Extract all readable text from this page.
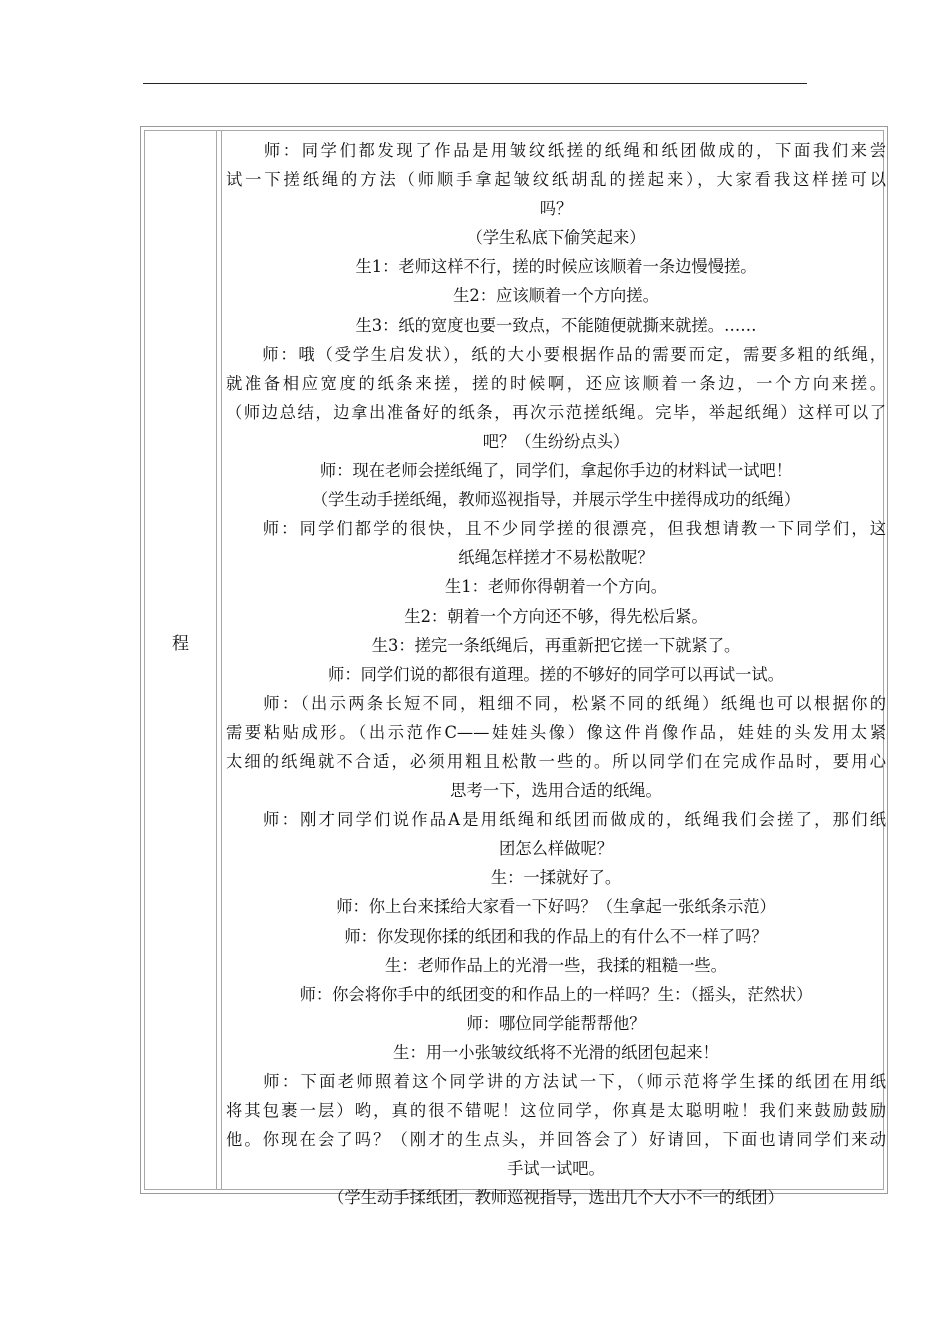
程
　　师：同学们都发现了作品是用皱纹纸搓的纸绳和纸团做成的，下面我们来尝
试一下搓纸绳的方法（师顺手拿起皱纹纸胡乱的搓起来），大家看我这样搓可以
吗？
（学生私底下偷笑起来）
生1：老师这样不行，搓的时候应该顺着一条边慢慢搓。
生2：应该顺着一个方向搓。
生3：纸的宽度也要一致点，不能随便就撕来就搓。……
　　师：哦（受学生启发状），纸的大小要根据作品的需要而定，需要多粗的纸绳，
就准备相应宽度的纸条来搓，搓的时候啊，还应该顺着一条边，一个方向来搓。
（师边总结，边拿出准备好的纸条，再次示范搓纸绳。完毕，举起纸绳）这样可以了
吧？（生纷纷点头）
师：现在老师会搓纸绳了，同学们，拿起你手边的材料试一试吧！
（学生动手搓纸绳，教师巡视指导，并展示学生中搓得成功的纸绳）
　　师：同学们都学的很快，且不少同学搓的很漂亮，但我想请教一下同学们，这
纸绳怎样搓才不易松散呢？
生1：老师你得朝着一个方向。
生2：朝着一个方向还不够，得先松后紧。
生3：搓完一条纸绳后，再重新把它搓一下就紧了。
师：同学们说的都很有道理。搓的不够好的同学可以再试一试。
　　师：（出示两条长短不同，粗细不同，松紧不同的纸绳）纸绳也可以根据你的
需要粘贴成形。（出示范作C——娃娃头像）像这件肖像作品，娃娃的头发用太紧
太细的纸绳就不合适，必须用粗且松散一些的。所以同学们在完成作品时，要用心
思考一下，选用合适的纸绳。
　　师：刚才同学们说作品A是用纸绳和纸团而做成的，纸绳我们会搓了，那们纸
团怎么样做呢？
生：一揉就好了。
师：你上台来揉给大家看一下好吗？（生拿起一张纸条示范）
师：你发现你揉的纸团和我的作品上的有什么不一样了吗？
生：老师作品上的光滑一些，我揉的粗糙一些。
师：你会将你手中的纸团变的和作品上的一样吗？生：（摇头，茫然状）
师：哪位同学能帮帮他？
生：用一小张皱纹纸将不光滑的纸团包起来！
　　师：下面老师照着这个同学讲的方法试一下，（师示范将学生揉的纸团在用纸
将其包裹一层）哟，真的很不错呢！这位同学，你真是太聪明啦！我们来鼓励鼓励
他。你现在会了吗？（刚才的生点头，并回答会了）好请回，下面也请同学们来动
手试一试吧。
（学生动手揉纸团，教师巡视指导，选出几个大小不一的纸团）
